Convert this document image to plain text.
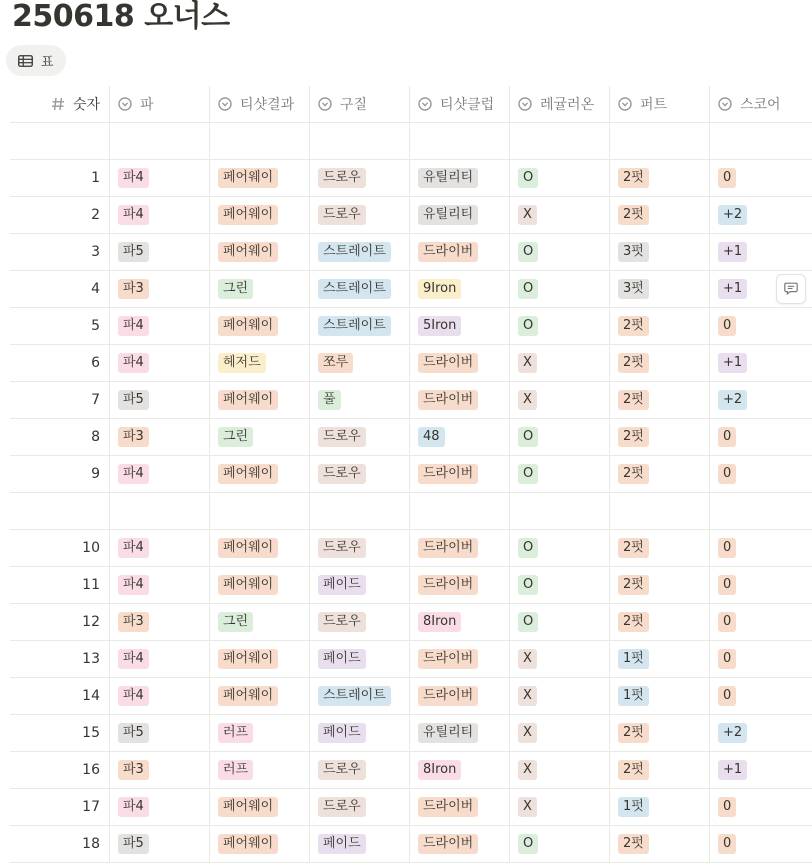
250618 오너스
표
숫자	파	티샷결과	구질	티샷클럽	레귤러온	퍼트	스코어
1	파4	페어웨이	드로우	유틸리티	O	2펏	0
2	파4	페어웨이	드로우	유틸리티	X	2펏	+2
3	파5	페어웨이	스트레이트	드라이버	O	3펏	+1
4	파3	그린	스트레이트	9Iron	O	3펏	+1
5	파4	페어웨이	스트레이트	5Iron	O	2펏	0
6	파4	헤저드	쪼루	드라이버	X	2펏	+1
7	파5	페어웨이	풀	드라이버	X	2펏	+2
8	파3	그린	드로우	48	O	2펏	0
9	파4	페어웨이	드로우	드라이버	O	2펏	0
10	파4	페어웨이	드로우	드라이버	O	2펏	0
11	파4	페어웨이	페이드	드라이버	O	2펏	0
12	파3	그린	드로우	8Iron	O	2펏	0
13	파4	페어웨이	페이드	드라이버	X	1펏	0
14	파4	페어웨이	스트레이트	드라이버	X	1펏	0
15	파5	러프	페이드	유틸리티	X	2펏	+2
16	파3	러프	드로우	8Iron	X	2펏	+1
17	파4	페어웨이	드로우	드라이버	X	1펏	0
18	파5	페어웨이	페이드	드라이버	O	2펏	0
